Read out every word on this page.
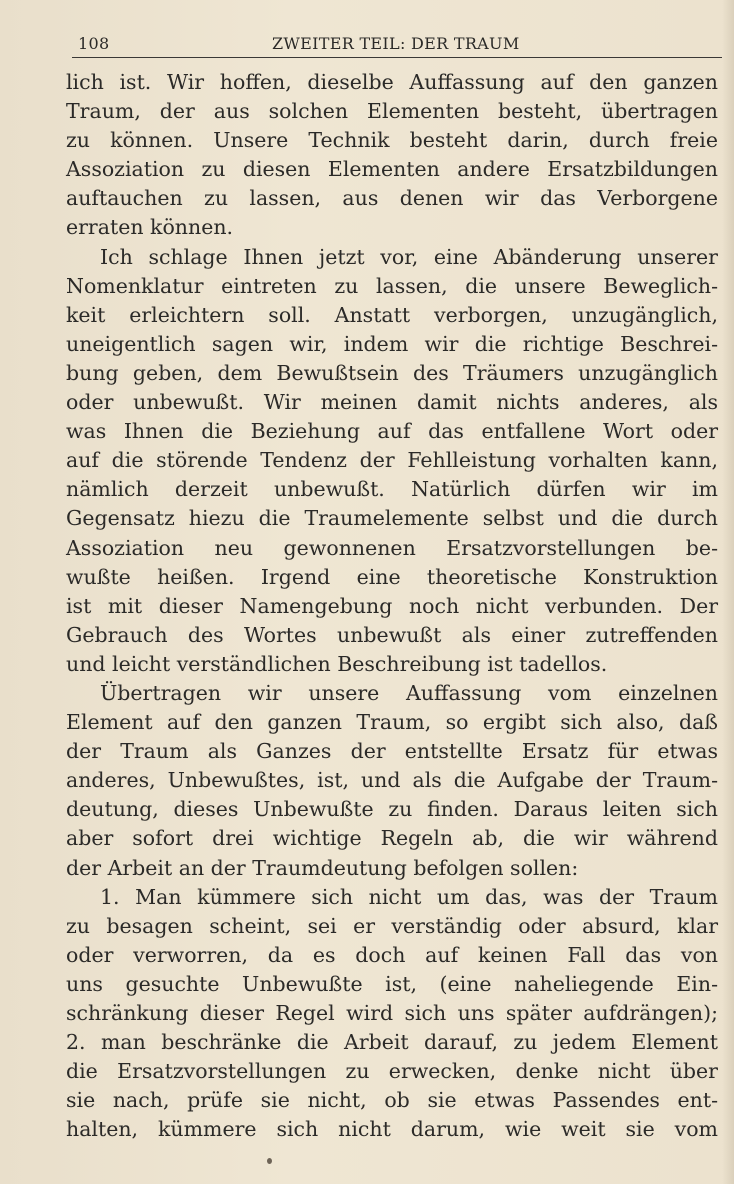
108	ZWEITER TEIL: DER TRAUM
lich ist. Wir hoffen, dieselbe Auffassung auf den ganzen
Traum, der aus solchen Elementen besteht, übertragen
zu können. Unsere Technik besteht darin, durch freie
Assoziation zu diesen Elementen andere Ersatzbildungen
auftauchen zu lassen, aus denen wir das Verborgene
erraten können.
Ich schlage Ihnen jetzt vor, eine Abänderung unserer
Nomenklatur eintreten zu lassen, die unsere Beweglich-
keit erleichtern soll. Anstatt verborgen, unzugänglich,
uneigentlich sagen wir, indem wir die richtige Beschrei-
bung geben, dem Bewußtsein des Träumers unzugänglich
oder unbewußt. Wir meinen damit nichts anderes, als
was Ihnen die Beziehung auf das entfallene Wort oder
auf die störende Tendenz der Fehlleistung vorhalten kann,
nämlich derzeit unbewußt. Natürlich dürfen wir im
Gegensatz hiezu die Traumelemente selbst und die durch
Assoziation neu gewonnenen Ersatzvorstellungen be-
wußte heißen. Irgend eine theoretische Konstruktion
ist mit dieser Namengebung noch nicht verbunden. Der
Gebrauch des Wortes unbewußt als einer zutreffenden
und leicht verständlichen Beschreibung ist tadellos.
Übertragen wir unsere Auffassung vom einzelnen
Element auf den ganzen Traum, so ergibt sich also, daß
der Traum als Ganzes der entstellte Ersatz für etwas
anderes, Unbewußtes, ist, und als die Aufgabe der Traum-
deutung, dieses Unbewußte zu finden. Daraus leiten sich
aber sofort drei wichtige Regeln ab, die wir während
der Arbeit an der Traumdeutung befolgen sollen:
1. Man kümmere sich nicht um das, was der Traum
zu besagen scheint, sei er verständig oder absurd, klar
oder verworren, da es doch auf keinen Fall das von
uns gesuchte Unbewußte ist, (eine naheliegende Ein-
schränkung dieser Regel wird sich uns später aufdrängen);
2. man beschränke die Arbeit darauf, zu jedem Element
die Ersatzvorstellungen zu erwecken, denke nicht über
sie nach, prüfe sie nicht, ob sie etwas Passendes ent-
halten, kümmere sich nicht darum, wie weit sie vom
